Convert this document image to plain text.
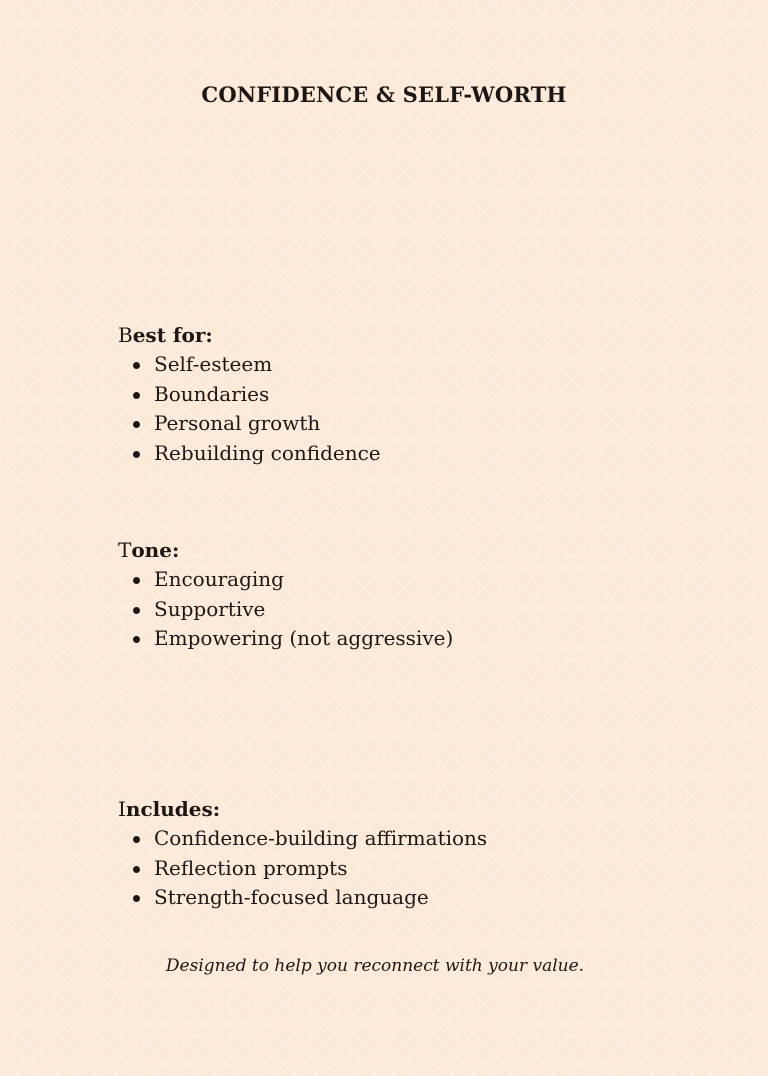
CONFIDENCE & SELF-WORTH

Best for:

Self-esteem
Boundaries
Personal growth
Rebuilding confidence

Tone:

Encouraging
Supportive
Empowering (not aggressive)

Includes:

Confidence-building affirmations
Reflection prompts
Strength-focused language

Designed to help you reconnect with your value.
